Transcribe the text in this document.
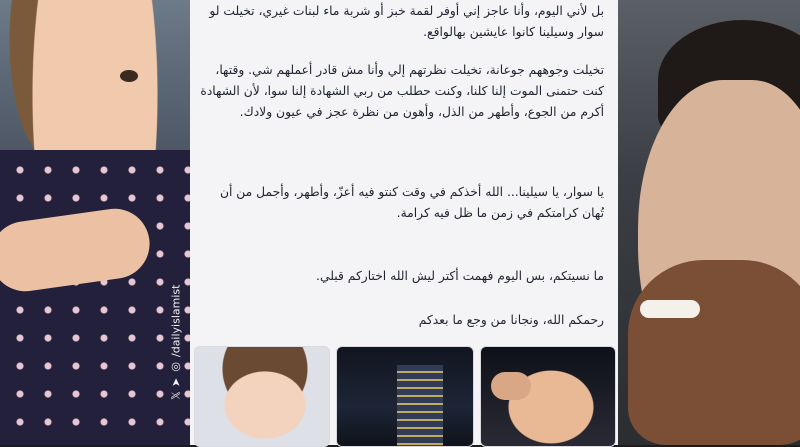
𝕏
➤
◎
/dailyislamist
بل لأني اليوم، وأنا عاجز إني أوفر لقمة خبز أو شربة ماء لبنات غيري، تخيلت لو سوار وسيلينا كانوا عايشين بهالواقع.
تخيلت وجوههم جوعانة، تخيلت نظرتهم إلي وأنا مش قادر أعملهم شي. وقتها، كنت حتمنى الموت إلنا كلنا، وكنت حطلب من ربي الشهادة إلنا سوا، لأن الشهادة أكرم من الجوع، وأطهر من الذل، وأهون من نظرة عجز في عيون ولادك.
يا سوار، يا سيلينا... الله أخذكم في وقت كنتو فيه أعزّ، وأطهر، وأجمل من أن تُهان كرامتكم في زمن ما ظل فيه كرامة.
ما نسيتكم، بس اليوم فهمت أكتر ليش الله اختاركم قبلي.
رحمكم الله، ونجانا من وجع ما بعدكم
